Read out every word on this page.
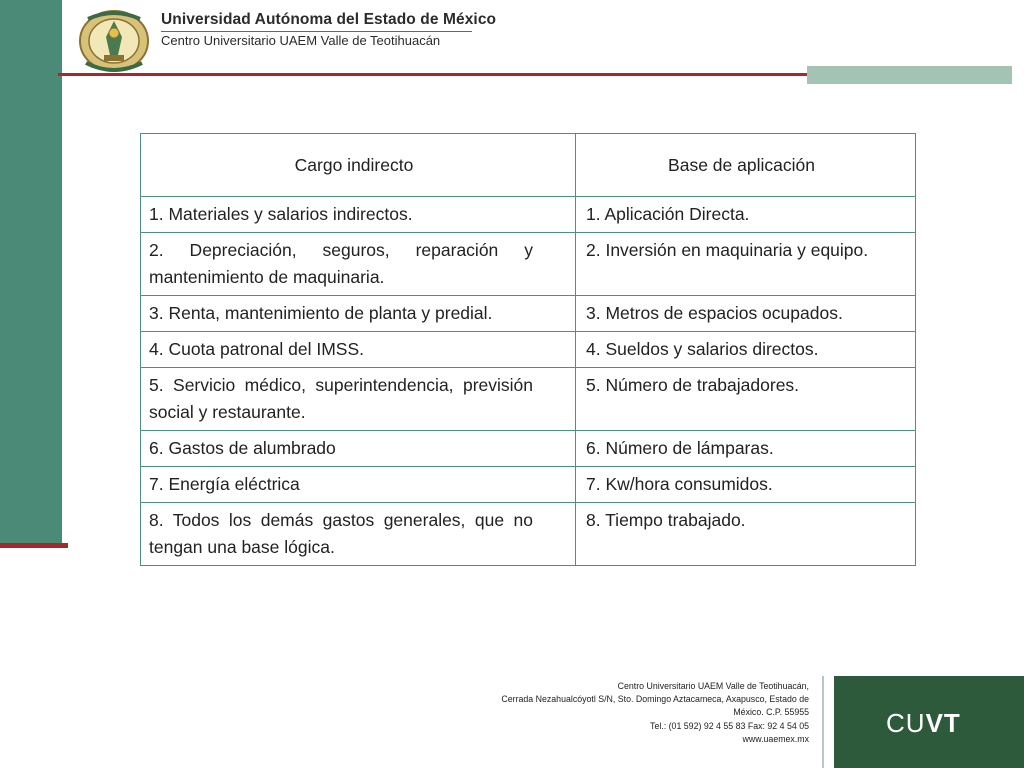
Universidad Autónoma del Estado de México
Centro Universitario UAEM Valle de Teotihuacán
Cargo indirecto	Base de aplicación
1. Materiales y salarios indirectos.	1. Aplicación Directa.
2. Depreciación, seguros, reparación y mantenimiento de maquinaria.	2. Inversión en maquinaria y equipo.
3. Renta, mantenimiento de planta y predial.	3. Metros de espacios ocupados.
4. Cuota patronal del IMSS.	4. Sueldos y salarios directos.
5. Servicio médico, superintendencia, previsión social y restaurante.	5. Número de trabajadores.
6. Gastos de alumbrado	6. Número de lámparas.
7. Energía eléctrica	7. Kw/hora consumidos.
8. Todos los demás gastos generales, que no tengan una base lógica.	8. Tiempo trabajado.
Centro Universitario UAEM Valle de Teotihuacán,
Cerrada Nezahualcóyotl S/N, Sto. Domingo Aztacameca, Axapusco, Estado de
México. C.P. 55955
Tel.: (01 592) 92 4 55 83 Fax: 92 4 54 05
www.uaemex.mx
CUVT
